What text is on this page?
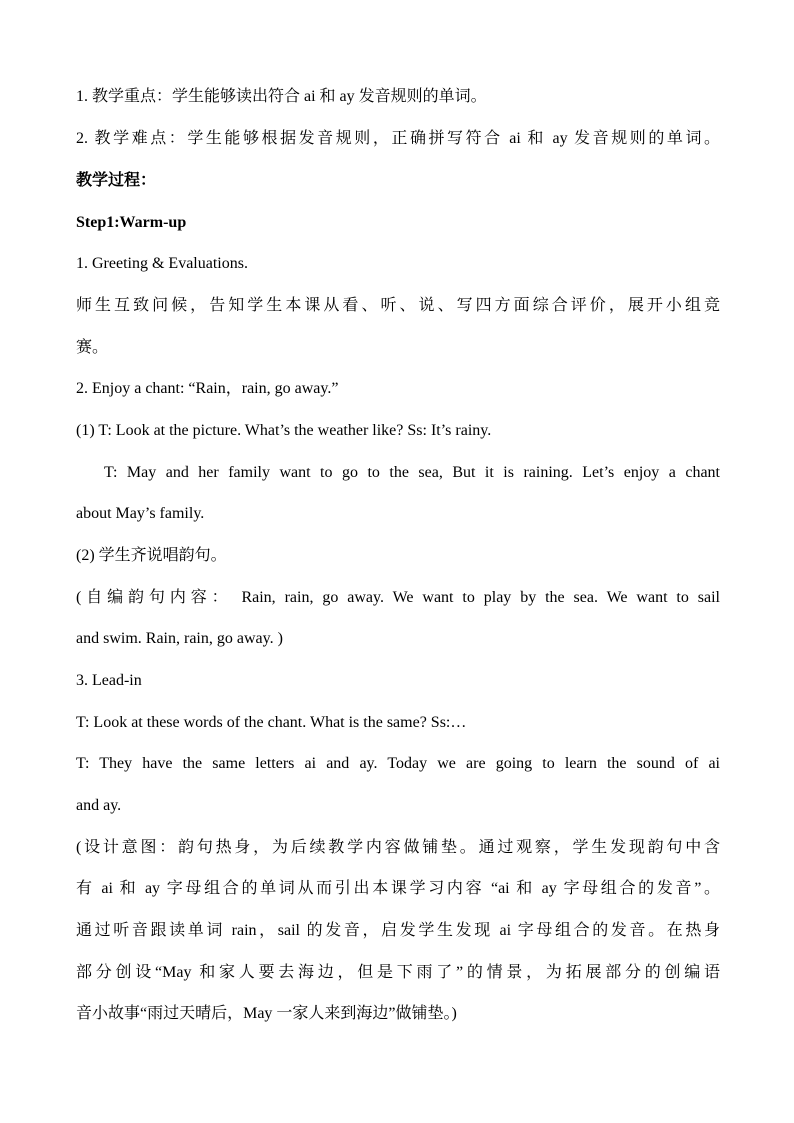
1. 教学重点：学生能够读出符合 ai 和 ay 发音规则的单词。
2. 教学难点：学生能够根据发音规则，正确拼写符合 ai 和 ay 发音规则的单词。
教学过程：
Step1:Warm-up
1. Greeting & Evaluations.
师生互致问候，告知学生本课从看、听、说、写四方面综合评价，展开小组竞
赛。
2. Enjoy a chant: “Rain，rain, go away.”
(1) T: Look at the picture. What’s the weather like? Ss: It’s rainy.
T: May and her family want to go to the sea, But it is raining. Let’s enjoy a chant
about May’s family.
(2) 学生齐说唱韵句。
(自编韵句内容： Rain, rain, go away. We want to play by the sea. We want to sail
and swim. Rain, rain, go away. )
3. Lead-in
T: Look at these words of the chant. What is the same? Ss:…
T: They have the same letters ai and ay. Today we are going to learn the sound of ai
and ay.
(设计意图：韵句热身，为后续教学内容做铺垫。通过观察，学生发现韵句中含
有 ai 和 ay 字母组合的单词从而引出本课学习内容 “ai 和 ay 字母组合的发音”。
通过听音跟读单词 rain，sail 的发音，启发学生发现 ai 字母组合的发音。在热身
部分创设“May 和家人要去海边，但是下雨了”的情景，为拓展部分的创编语
音小故事“雨过天晴后，May 一家人来到海边”做铺垫。)
